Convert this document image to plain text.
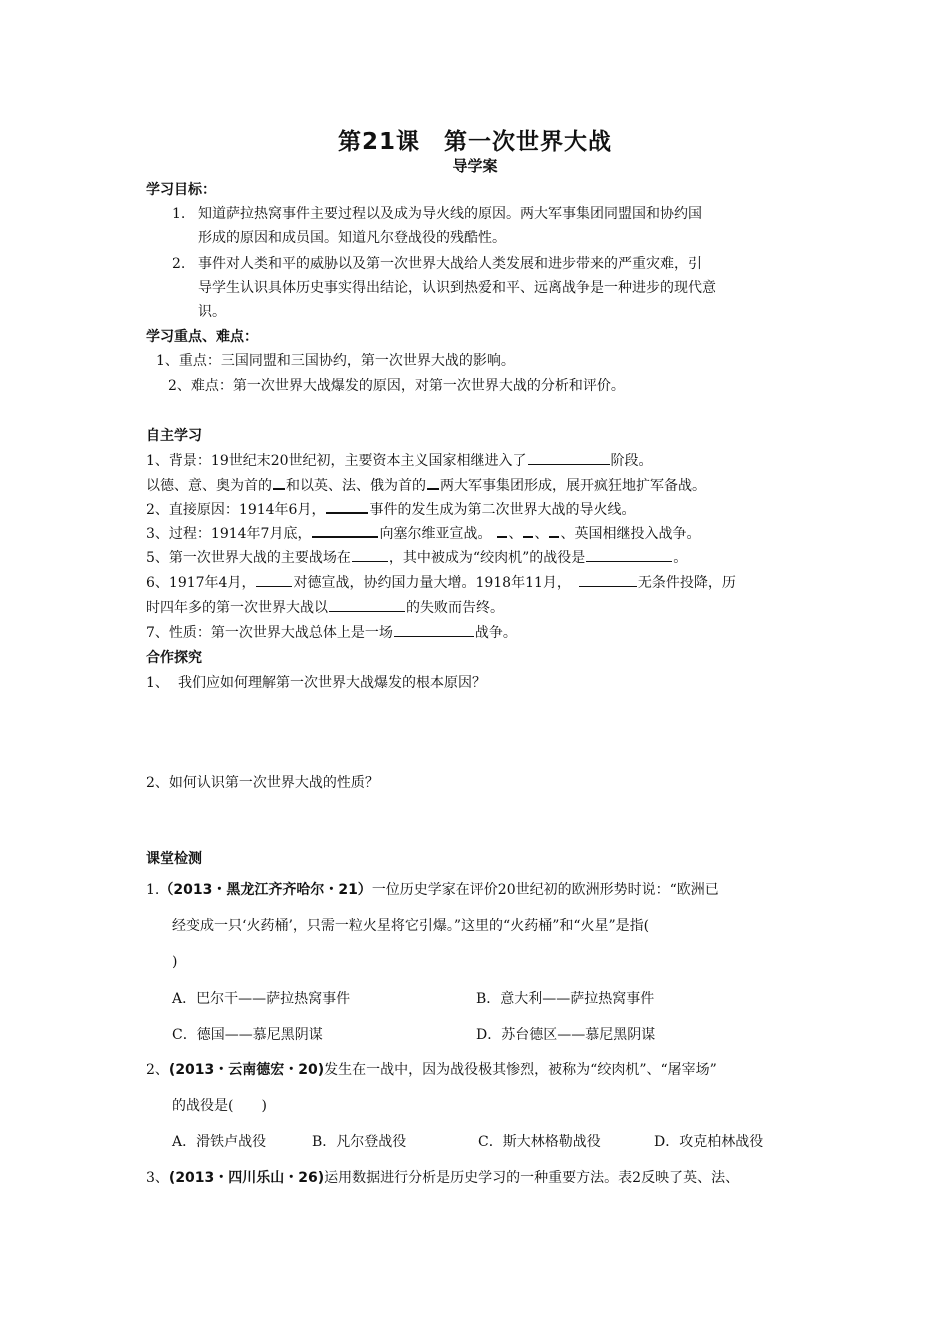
第21课　第一次世界大战
导学案
学习目标：
1. 知道萨拉热窝事件主要过程以及成为导火线的原因。两大军事集团同盟国和协约国
形成的原因和成员国。知道凡尔登战役的残酷性。
2. 事件对人类和平的威胁以及第一次世界大战给人类发展和进步带来的严重灾难，引
导学生认识具体历史事实得出结论，认识到热爱和平、远离战争是一种进步的现代意
识。
学习重点、难点：
1、重点：三国同盟和三国协约，第一次世界大战的影响。
2、难点：第一次世界大战爆发的原因，对第一次世界大战的分析和评价。
自主学习
1、背景：19世纪末20世纪初，主要资本主义国家相继进入了	阶段。
以德、意、奥为首的 和以英、法、俄为首的 两大军事集团形成，展开疯狂地扩军备战。
2、直接原因：1914年6月，	事件的发生成为第二次世界大战的导火线。
3、过程：1914年7月底，	向塞尔维亚宣战。 、 、 、英国相继投入战争。
5、第一次世界大战的主要战场在	，其中被成为“绞肉机”的战役是	。
6、1917年4月，	对德宣战，协约国力量大增。1918年11月，	无条件投降，历
时四年多的第一次世界大战以	的失败而告终。
7、性质：第一次世界大战总体上是一场	战争。
合作探究
1、 我们应如何理解第一次世界大战爆发的根本原因？
2、如何认识第一次世界大战的性质？
课堂检测
1.（2013・黑龙江齐齐哈尔・21）一位历史学家在评价20世纪初的欧洲形势时说：“欧洲已
经变成一只‘火药桶’，只需一粒火星将它引爆。”这里的“火药桶”和“火星”是指(
)
A．巴尔干——萨拉热窝事件	B．意大利——萨拉热窝事件
C．德国——慕尼黑阴谋	D．苏台德区——慕尼黑阴谋
2、(2013・云南德宏・20)发生在一战中，因为战役极其惨烈，被称为“绞肉机”、“屠宰场”
的战役是(　　)
A．滑铁卢战役	B．凡尔登战役	C．斯大林格勒战役	D．攻克柏林战役
3、(2013・四川乐山・26)运用数据进行分析是历史学习的一种重要方法。表2反映了英、法、
